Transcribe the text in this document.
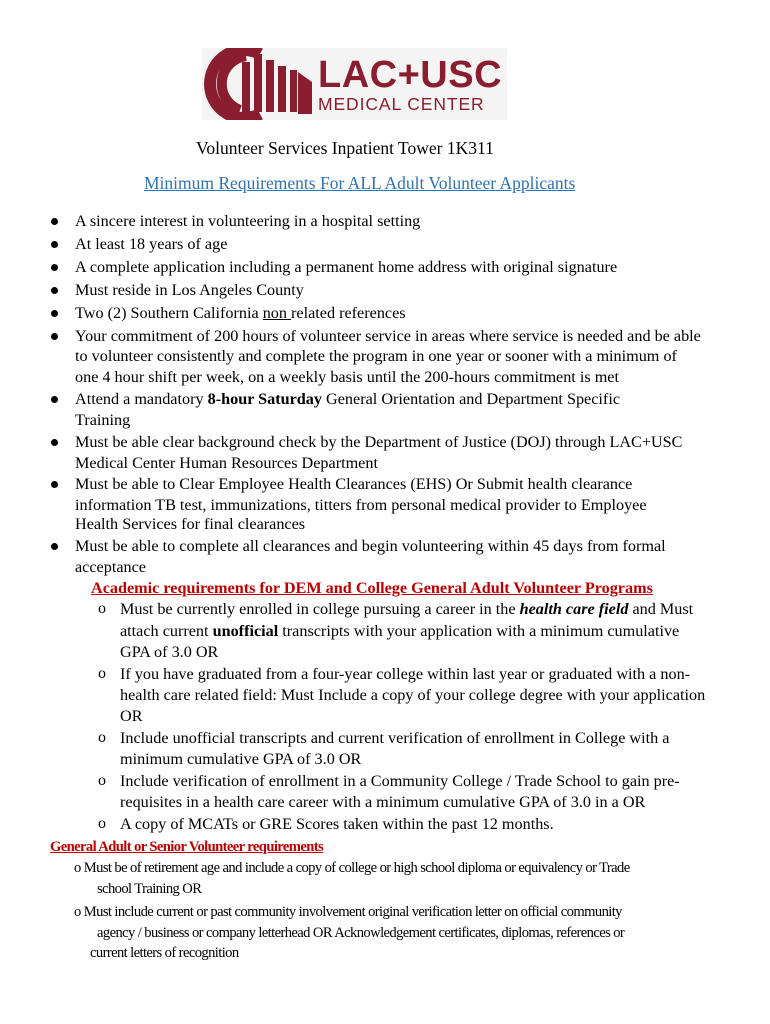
LAC+USC
MEDICAL CENTER
Volunteer Services Inpatient Tower 1K311
Minimum Requirements For ALL Adult Volunteer Applicants
A sincere interest in volunteering in a hospital setting
At least 18 years of age
A complete application including a permanent home address with original signature
Must reside in Los Angeles County
Two (2) Southern California non related references
Your commitment of 200 hours of volunteer service in areas where service is needed and be able
to volunteer consistently and complete the program in one year or sooner with a minimum of
one 4 hour shift per week, on a weekly basis until the 200-hours commitment is met
Attend a mandatory 8-hour Saturday General Orientation and Department Specific
Training
Must be able clear background check by the Department of Justice (DOJ) through LAC+USC
Medical Center Human Resources Department
Must be able to Clear Employee Health Clearances (EHS) Or Submit health clearance
information TB test, immunizations, titters from personal medical provider to Employee
Health Services for final clearances
Must be able to complete all clearances and begin volunteering within 45 days from formal
acceptance
Academic requirements for DEM and College General Adult Volunteer Programs
o Must be currently enrolled in college pursuing a career in the health care field and Must
attach current unofficial transcripts with your application with a minimum cumulative
GPA of 3.0 OR
o If you have graduated from a four-year college within last year or graduated with a non-
health care related field: Must Include a copy of your college degree with your application
OR
o Include unofficial transcripts and current verification of enrollment in College with a
minimum cumulative GPA of 3.0 OR
o Include verification of enrollment in a Community College / Trade School to gain pre-
requisites in a health care career with a minimum cumulative GPA of 3.0 in a OR
o A copy of MCATs or GRE Scores taken within the past 12 months.
General Adult or Senior Volunteer requirements
o Must be of retirement age and include a copy of college or high school diploma or equivalency or Trade
school Training OR
o Must include current or past community involvement original verification letter on official community
agency / business or company letterhead OR Acknowledgement certificates, diplomas, references or
current letters of recognition
